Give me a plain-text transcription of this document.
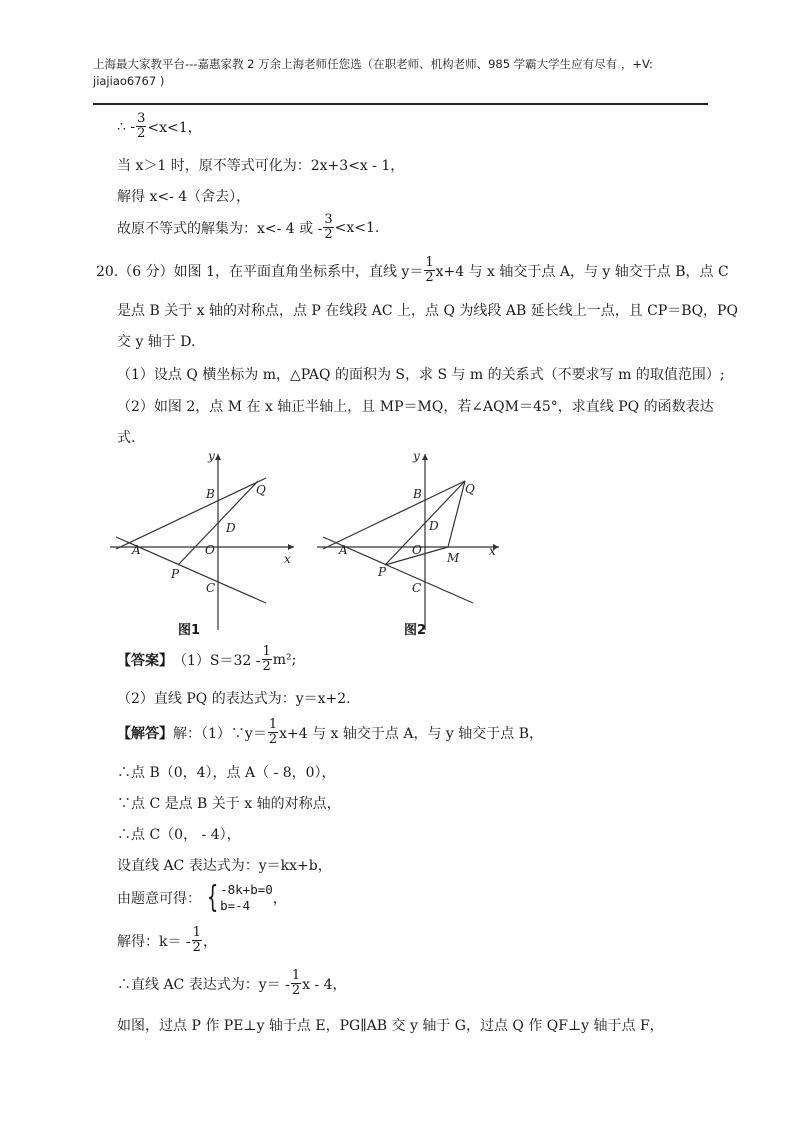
上海最大家教平台---嘉惠家教 2 万余上海老师任您选（在职老师、机构老师、985 学霸大学生应有尽有 ，+V:
jiajiao6767 )
∴ - $\frac{3}{2} <x<1$，
当 x＞1 时，原不等式可化为：2x+3<x - 1，
解得 x<- 4（舍去），
故原不等式的解集为：x<- 4 或 - $\frac{3}{2} <x<1$.
20.（6 分）如图 1，在平面直角坐标系中，直线 $y= \frac{1}{2} x+4$ 与 x 轴交于点 A，与 y 轴交于点 B，点 C
是点 B 关于 x 轴的对称点，点 P 在线段 AC 上，点 Q 为线段 AB 延长线上一点，且 CP＝BQ，PQ
交 y 轴于 D.
（1）设点 Q 横坐标为 m，△PAQ 的面积为 S，求 S 与 m 的关系式（不要求写 m 的取值范围）;
（2）如图 2，点 M 在 x 轴正半轴上，且 MP＝MQ，若∠AQM＝45°，求直线 PQ 的函数表达
式.
y
x
A
B
C
D
O
P
Q
图1
y
x
A
B
C
D
O
P
Q
M
图2
【答案】 $(1)S=32 - \frac{1}{2} m^2$;
（2）直线 PQ 的表达式为：y＝x+2.
【解答】 解：（1）∵y＝ $\frac{1}{2} x+4$ 与 x 轴交于点 A，与 y 轴交于点 B，
∴点 B（0，4），点 A（ - 8，0），
∵点 C 是点 B 关于 x 轴的对称点，
∴点 C（0， - 4），
设直线 AC 表达式为：y＝kx+b，
由题意可得： { -8k+b=0
b=-4	，
解得：$k= - \frac{1}{2}$ ，
∴直线 AC 表达式为：$y= - \frac{1}{2}$ x - 4，
如图，过点 P 作 PE⊥y 轴于点 E，PG∥AB 交 y 轴于 G，过点 Q 作 QF⊥y 轴于点 F，
